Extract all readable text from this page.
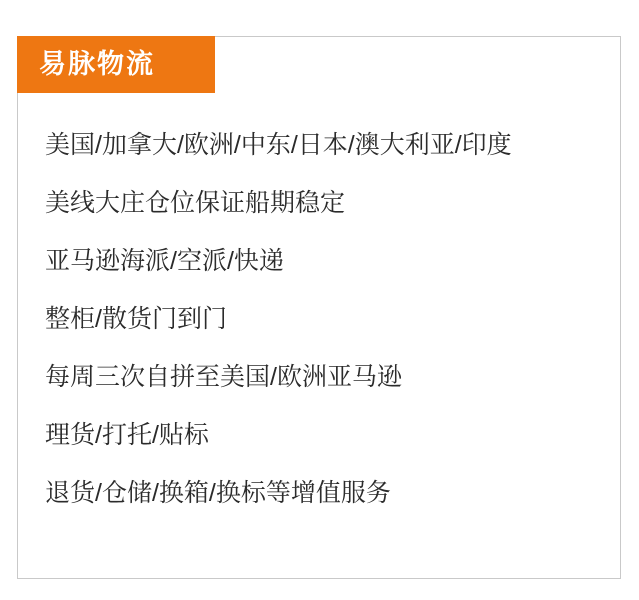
易脉物流
美国/加拿大/欧洲/中东/日本/澳大利亚/印度
美线大庄仓位保证船期稳定
亚马逊海派/空派/快递
整柜/散货门到门
每周三次自拼至美国/欧洲亚马逊
理货/打托/贴标
退货/仓储/换箱/换标等增值服务
